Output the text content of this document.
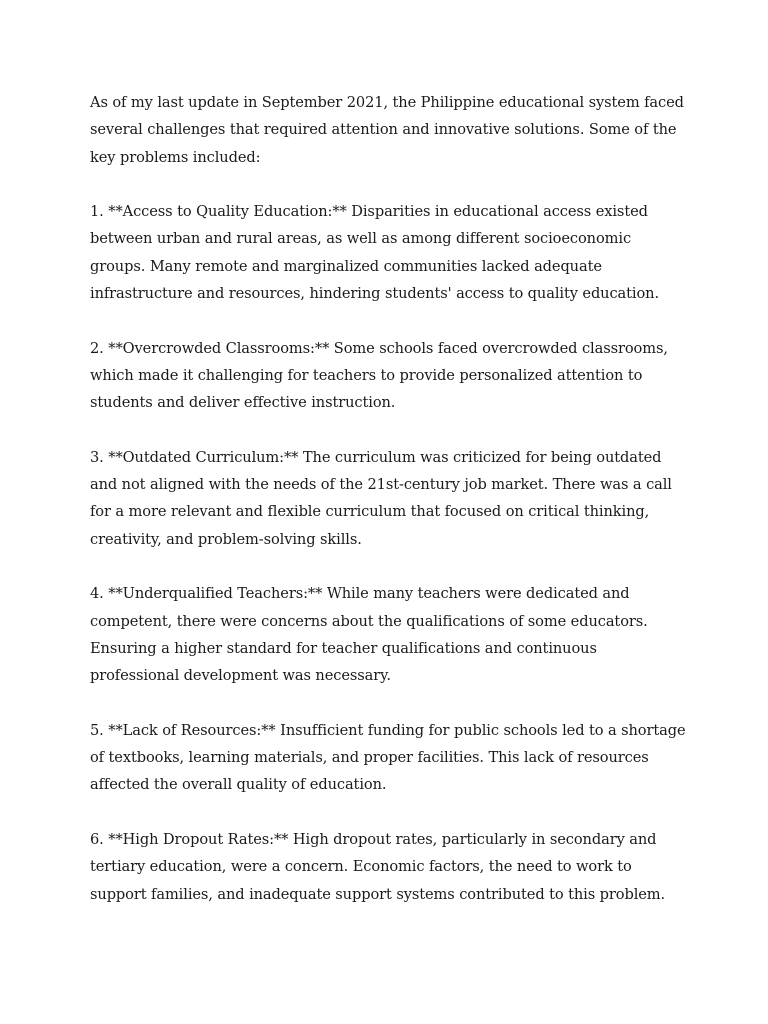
As of my last update in September 2021, the Philippine educational system faced several challenges that required attention and innovative solutions. Some of the key problems included:

1. **Access to Quality Education:** Disparities in educational access existed between urban and rural areas, as well as among different socioeconomic groups. Many remote and marginalized communities lacked adequate infrastructure and resources, hindering students' access to quality education.

2. **Overcrowded Classrooms:** Some schools faced overcrowded classrooms, which made it challenging for teachers to provide personalized attention to students and deliver effective instruction.

3. **Outdated Curriculum:** The curriculum was criticized for being outdated and not aligned with the needs of the 21st-century job market. There was a call for a more relevant and flexible curriculum that focused on critical thinking, creativity, and problem-solving skills.

4. **Underqualified Teachers:** While many teachers were dedicated and competent, there were concerns about the qualifications of some educators. Ensuring a higher standard for teacher qualifications and continuous professional development was necessary.

5. **Lack of Resources:** Insufficient funding for public schools led to a shortage of textbooks, learning materials, and proper facilities. This lack of resources affected the overall quality of education.

6. **High Dropout Rates:** High dropout rates, particularly in secondary and tertiary education, were a concern. Economic factors, the need to work to support families, and inadequate support systems contributed to this problem.
